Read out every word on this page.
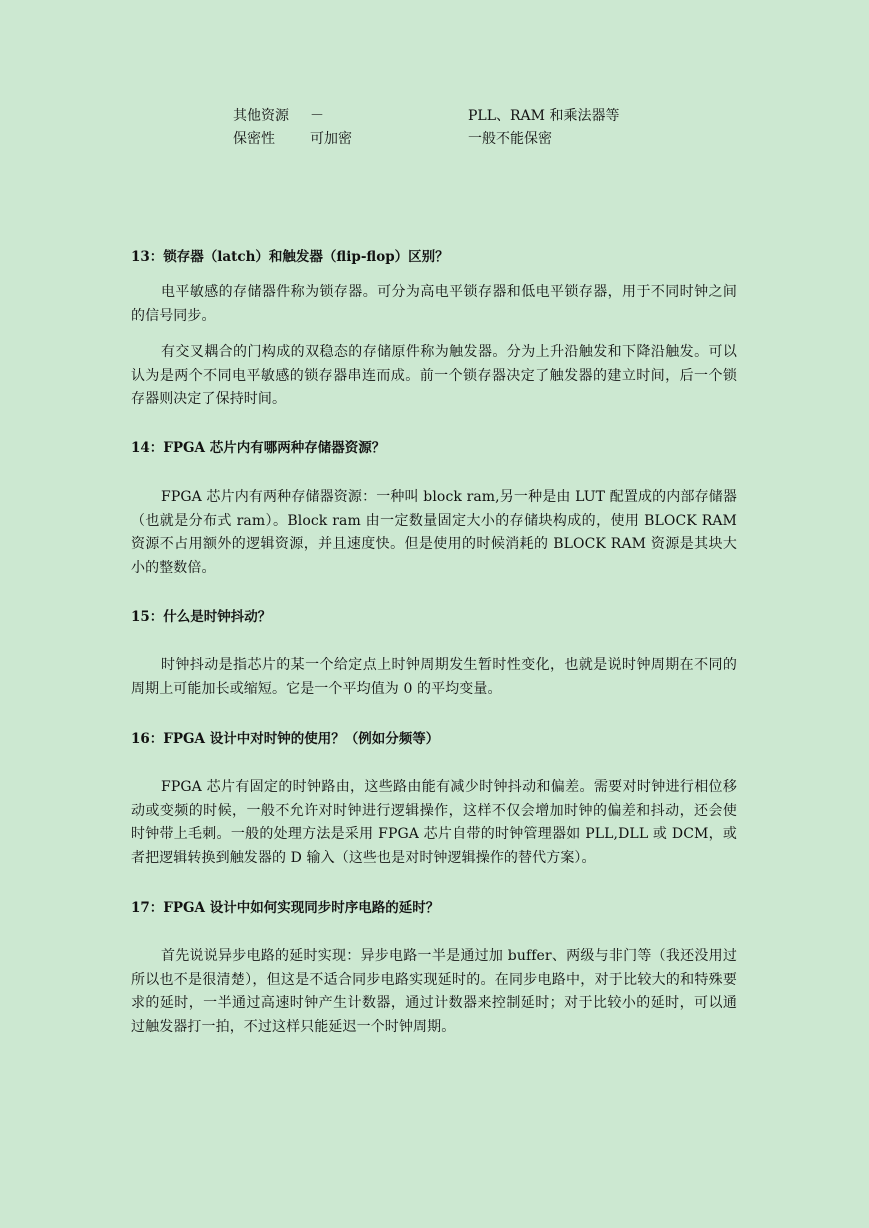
其他资源 －	PLL、RAM 和乘法器等
保密性	可加密	一般不能保密
13：锁存器（latch）和触发器（flip-flop）区别？

电平敏感的存储器件称为锁存器。可分为高电平锁存器和低电平锁存器，用于不同时钟之间的信号同步。

有交叉耦合的门构成的双稳态的存储原件称为触发器。分为上升沿触发和下降沿触发。可以认为是两个不同电平敏感的锁存器串连而成。前一个锁存器决定了触发器的建立时间，后一个锁存器则决定了保持时间。

14：FPGA 芯片内有哪两种存储器资源？

FPGA 芯片内有两种存储器资源：一种叫 block ram,另一种是由 LUT 配置成的内部存储器（也就是分布式 ram）。Block ram 由一定数量固定大小的存储块构成的，使用 BLOCK RAM 资源不占用额外的逻辑资源，并且速度快。但是使用的时候消耗的 BLOCK RAM 资源是其块大小的整数倍。

15：什么是时钟抖动？

时钟抖动是指芯片的某一个给定点上时钟周期发生暂时性变化，也就是说时钟周期在不同的周期上可能加长或缩短。它是一个平均值为 0 的平均变量。

16：FPGA 设计中对时钟的使用？（例如分频等）

FPGA 芯片有固定的时钟路由，这些路由能有减少时钟抖动和偏差。需要对时钟进行相位移动或变频的时候，一般不允许对时钟进行逻辑操作，这样不仅会增加时钟的偏差和抖动，还会使时钟带上毛刺。一般的处理方法是采用 FPGA 芯片自带的时钟管理器如 PLL,DLL 或 DCM，或者把逻辑转换到触发器的 D 输入（这些也是对时钟逻辑操作的替代方案）。

17：FPGA 设计中如何实现同步时序电路的延时？

首先说说异步电路的延时实现：异步电路一半是通过加 buffer、两级与非门等（我还没用过所以也不是很清楚），但这是不适合同步电路实现延时的。在同步电路中，对于比较大的和特殊要求的延时，一半通过高速时钟产生计数器，通过计数器来控制延时；对于比较小的延时，可以通过触发器打一拍，不过这样只能延迟一个时钟周期。
